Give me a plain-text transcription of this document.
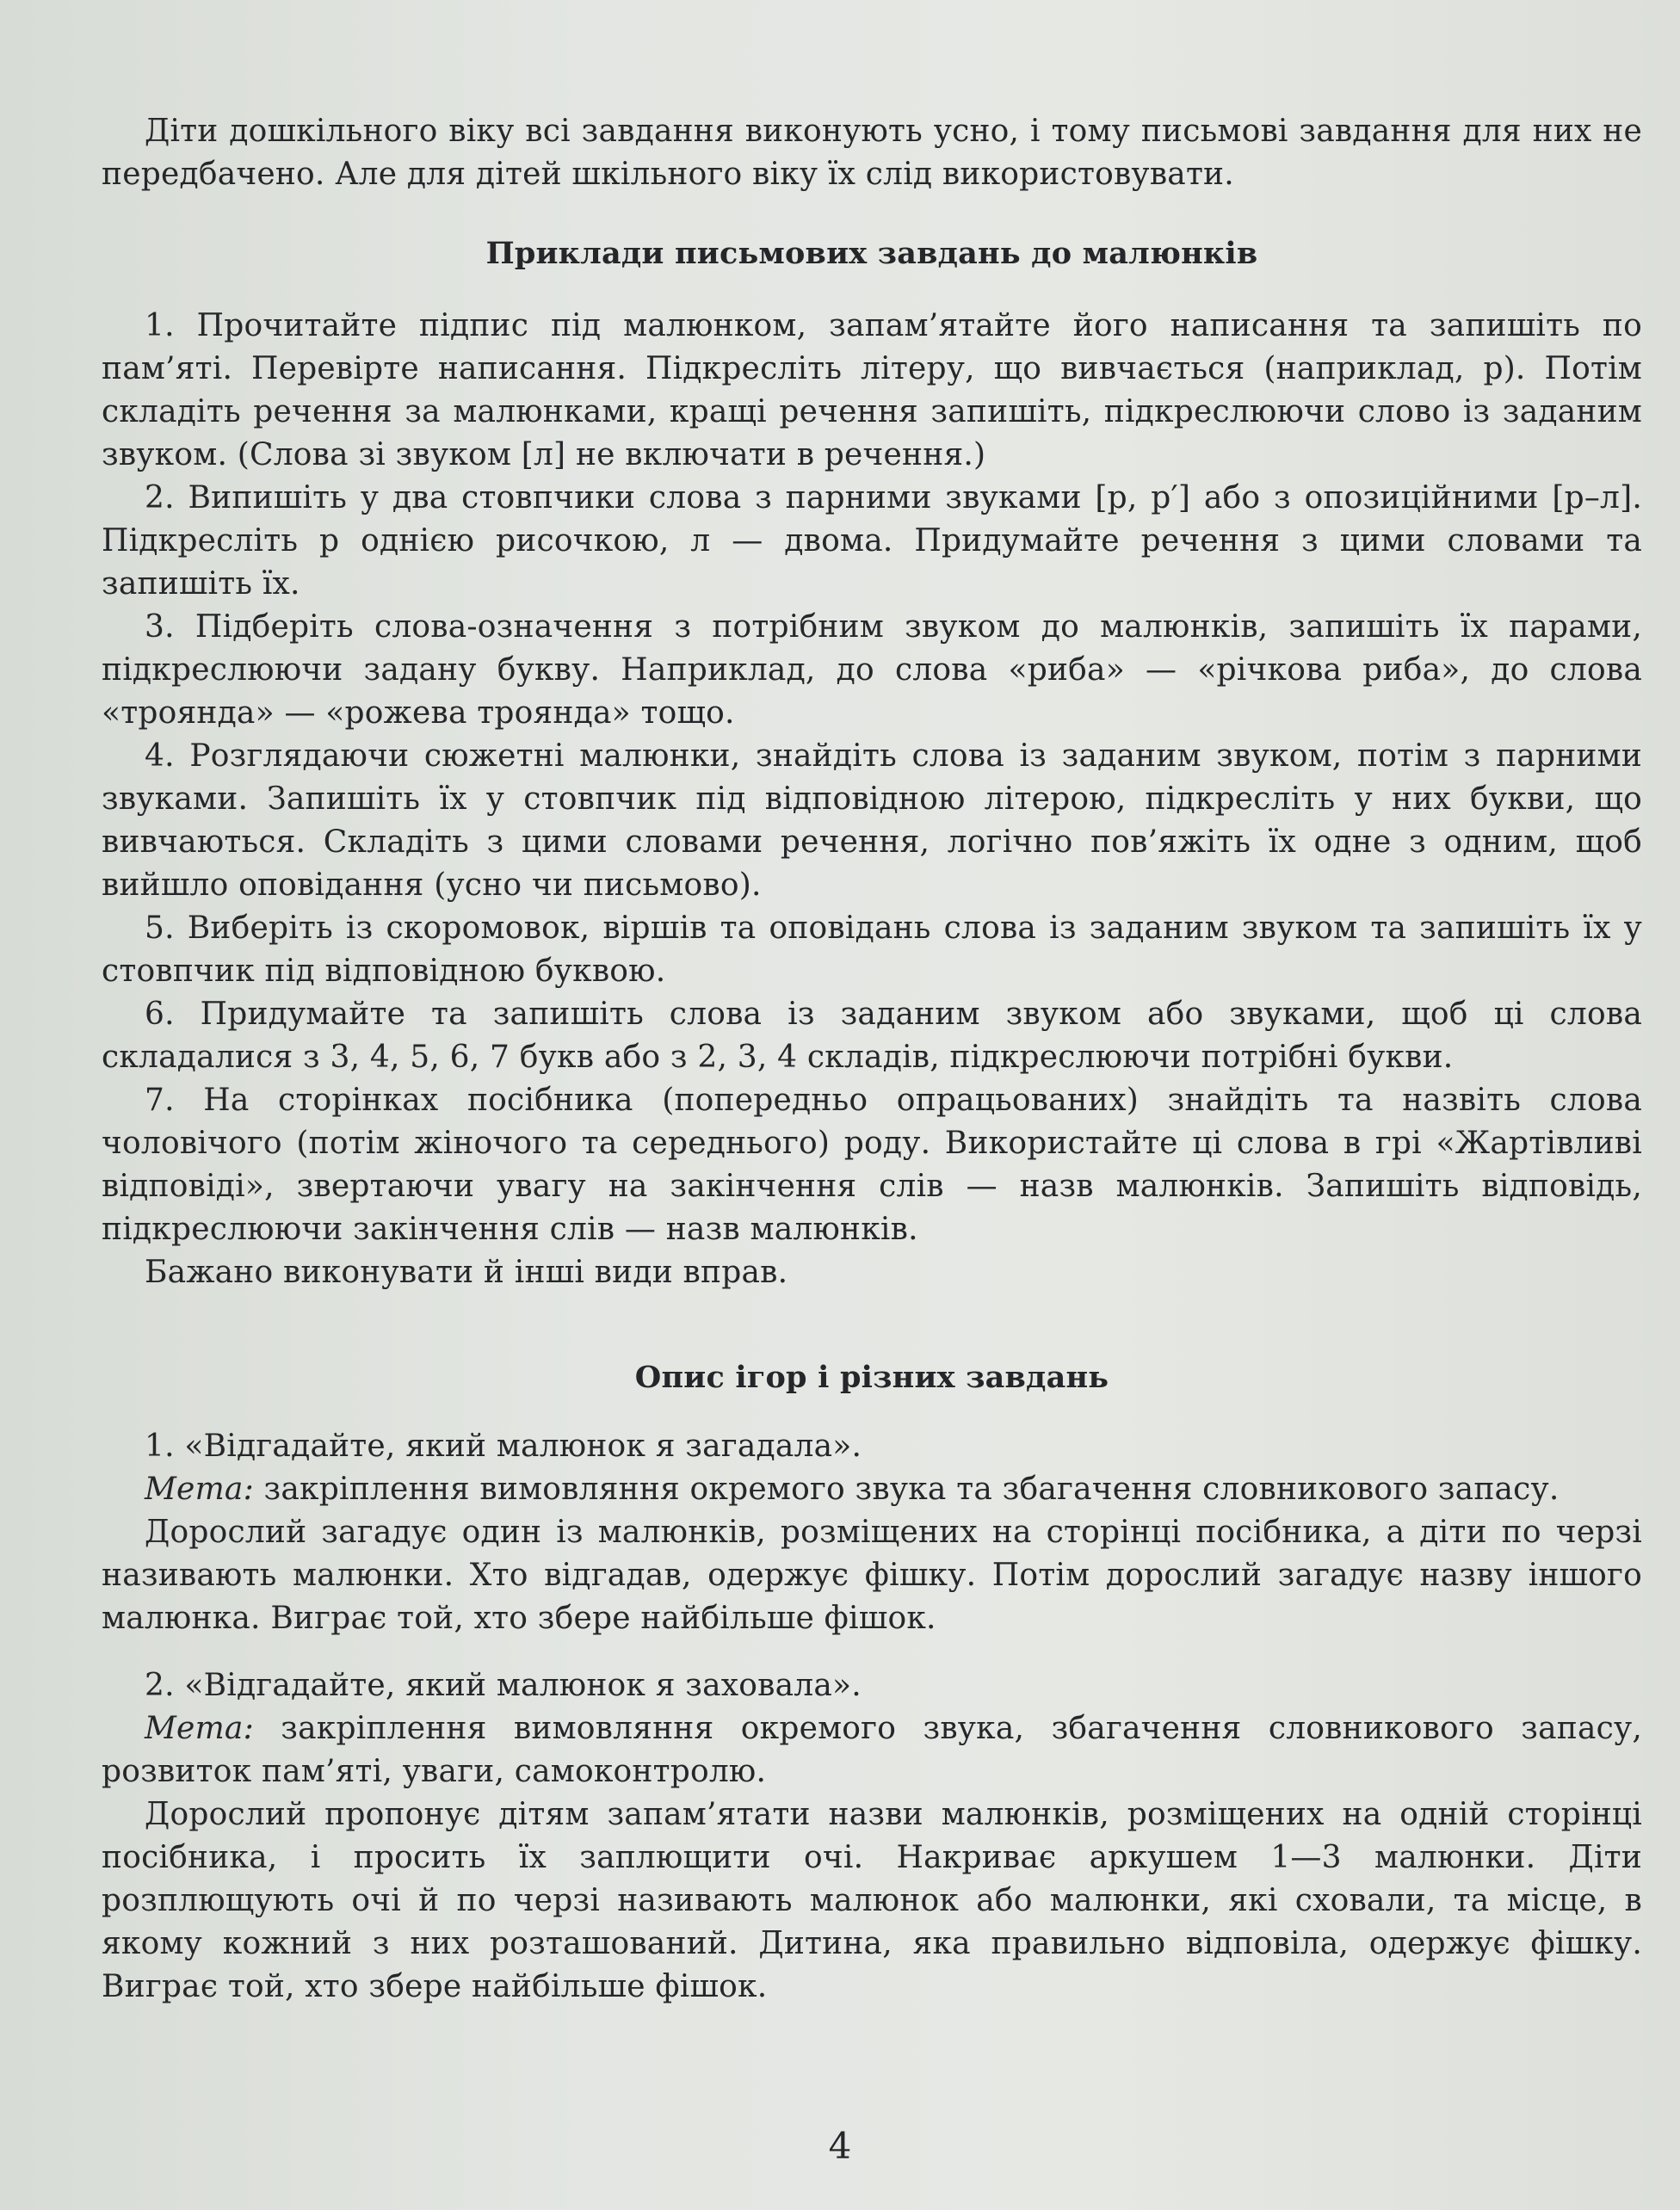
Діти дошкільного віку всі завдання виконують усно, і тому письмові завдання для них не передбачено. Але для дітей шкільного віку їх слід використовувати.

Приклади письмових завдань до малюнків

1. Прочитайте підпис під малюнком, запам’ятайте його написання та запишіть по пам’яті. Перевірте написання. Підкресліть літеру, що вивчається (наприклад, р). Потім складіть речення за малюнками, кращі речення запишіть, підкреслюючи слово із заданим звуком. (Слова зі звуком [л] не включати в речення.)

2. Випишіть у два стовпчики слова з парними звуками [р, р′] або з опозиційними [р–л]. Підкресліть р однією рисочкою, л — двома. Придумайте речення з цими словами та запишіть їх.

3. Підберіть слова-означення з потрібним звуком до малюнків, запишіть їх парами, підкреслюючи задану букву. Наприклад, до слова «риба» — «річкова риба», до слова «троянда» — «рожева троянда» тощо.

4. Розглядаючи сюжетні малюнки, знайдіть слова із заданим звуком, потім з парними звуками. Запишіть їх у стовпчик під відповідною літерою, підкресліть у них букви, що вивчаються. Складіть з цими словами речення, логічно пов’яжіть їх одне з одним, щоб вийшло оповідання (усно чи письмово).

5. Виберіть із скоромовок, віршів та оповідань слова із заданим звуком та запишіть їх у стовпчик під відповідною буквою.

6. Придумайте та запишіть слова із заданим звуком або звуками, щоб ці слова складалися з 3, 4, 5, 6, 7 букв або з 2, 3, 4 складів, підкреслюючи потрібні букви.

7. На сторінках посібника (попередньо опрацьованих) знайдіть та назвіть слова чоловічого (потім жіночого та середнього) роду. Використайте ці слова в грі «Жартівливі відповіді», звертаючи увагу на закінчення слів — назв малюнків. Запишіть відповідь, підкреслюючи закінчення слів — назв малюнків.

Бажано виконувати й інші види вправ.

Опис ігор і різних завдань

1. «Відгадайте, який малюнок я загадала».

Мета: закріплення вимовляння окремого звука та збагачення словникового запасу.

Дорослий загадує один із малюнків, розміщених на сторінці посібника, а діти по черзі називають малюнки. Хто відгадав, одержує фішку. Потім дорослий загадує назву іншого малюнка. Виграє той, хто збере найбільше фішок.

2. «Відгадайте, який малюнок я заховала».

Мета: закріплення вимовляння окремого звука, збагачення словникового запасу, розвиток пам’яті, уваги, самоконтролю.

Дорослий пропонує дітям запам’ятати назви малюнків, розміщених на одній сторінці посібника, і просить їх заплющити очі. Накриває аркушем 1—3 малюнки. Діти розплющують очі й по черзі називають малюнок або малюнки, які сховали, та місце, в якому кожний з них розташований. Дитина, яка правильно відповіла, одержує фішку. Виграє той, хто збере найбільше фішок.

4
